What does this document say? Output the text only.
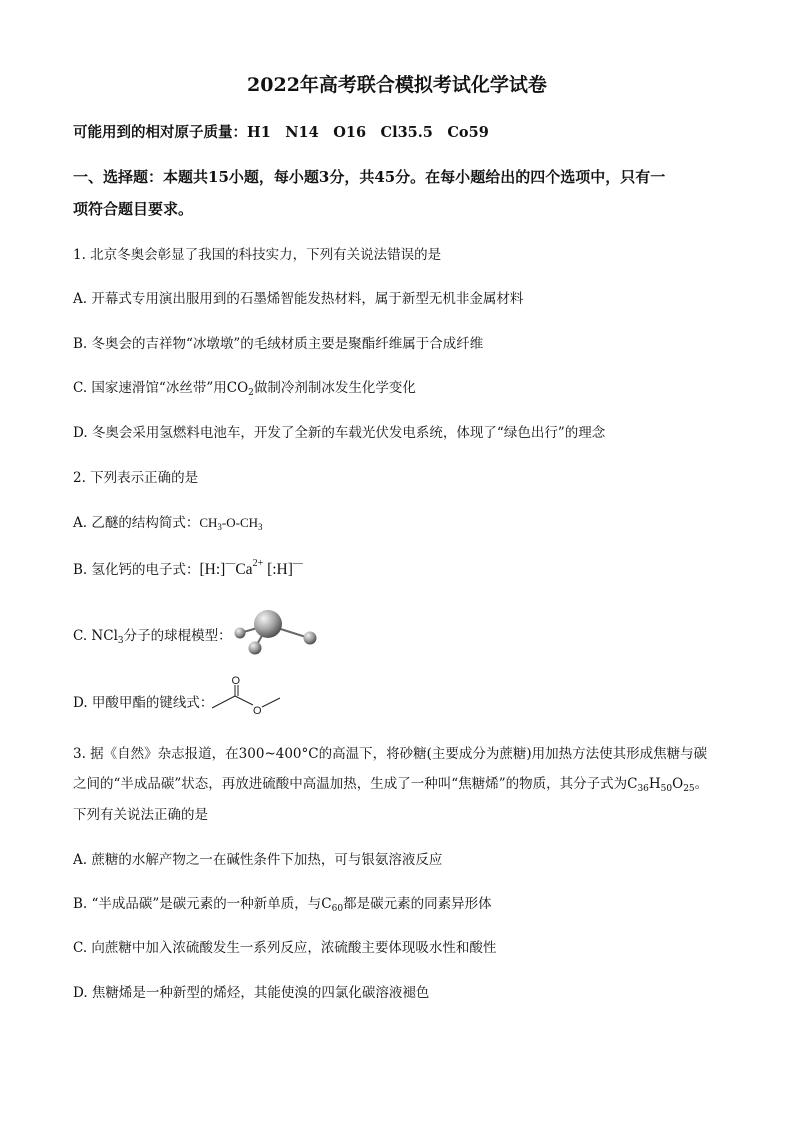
2022年高考联合模拟考试化学试卷
可能用到的相对原子质量：H1　N14　O16　Cl35.5　Co59
一、选择题：本题共15小题，每小题3分，共45分。在每小题给出的四个选项中，只有一
项符合题目要求。
1. 北京冬奥会彰显了我国的科技实力，下列有关说法错误的是
A. 开幕式专用演出服用到的石墨烯智能发热材料，属于新型无机非金属材料
B. 冬奥会的吉祥物“冰墩墩”的毛绒材质主要是聚酯纤维属于合成纤维
C. 国家速滑馆“冰丝带”用$CO_2$做制冷剂制冰发生化学变化
D. 冬奥会采用氢燃料电池车，开发了全新的车载光伏发电系统，体现了“绿色出行”的理念
2. 下列表示正确的是
A. 乙醚的结构简式：$CH_3-O-CH_3$
B. 氢化钙的电子式：$[H:]^—Ca^{2+}$ [:H]—
C. NCl$_3$分子的球棍模型：
D. 甲酸甲酯的键线式：
O
O
3. 据《自然》杂志报道，在300~400°C的高温下，将砂糖(主要成分为蔗糖)用加热方法使其形成焦糖与碳
之间的“半成品碳”状态，再放进硫酸中高温加热，生成了一种叫“焦糖烯”的物质，其分子式为$C_{36}H_{50}O_{25}$。
下列有关说法正确的是
A. 蔗糖的水解产物之一在碱性条件下加热，可与银氨溶液反应
B. “半成品碳”是碳元素的一种新单质，与$C_{60}$都是碳元素的同素异形体
C. 向蔗糖中加入浓硫酸发生一系列反应，浓硫酸主要体现吸水性和酸性
D. 焦糖烯是一种新型的烯烃，其能使溴的四氯化碳溶液褪色
